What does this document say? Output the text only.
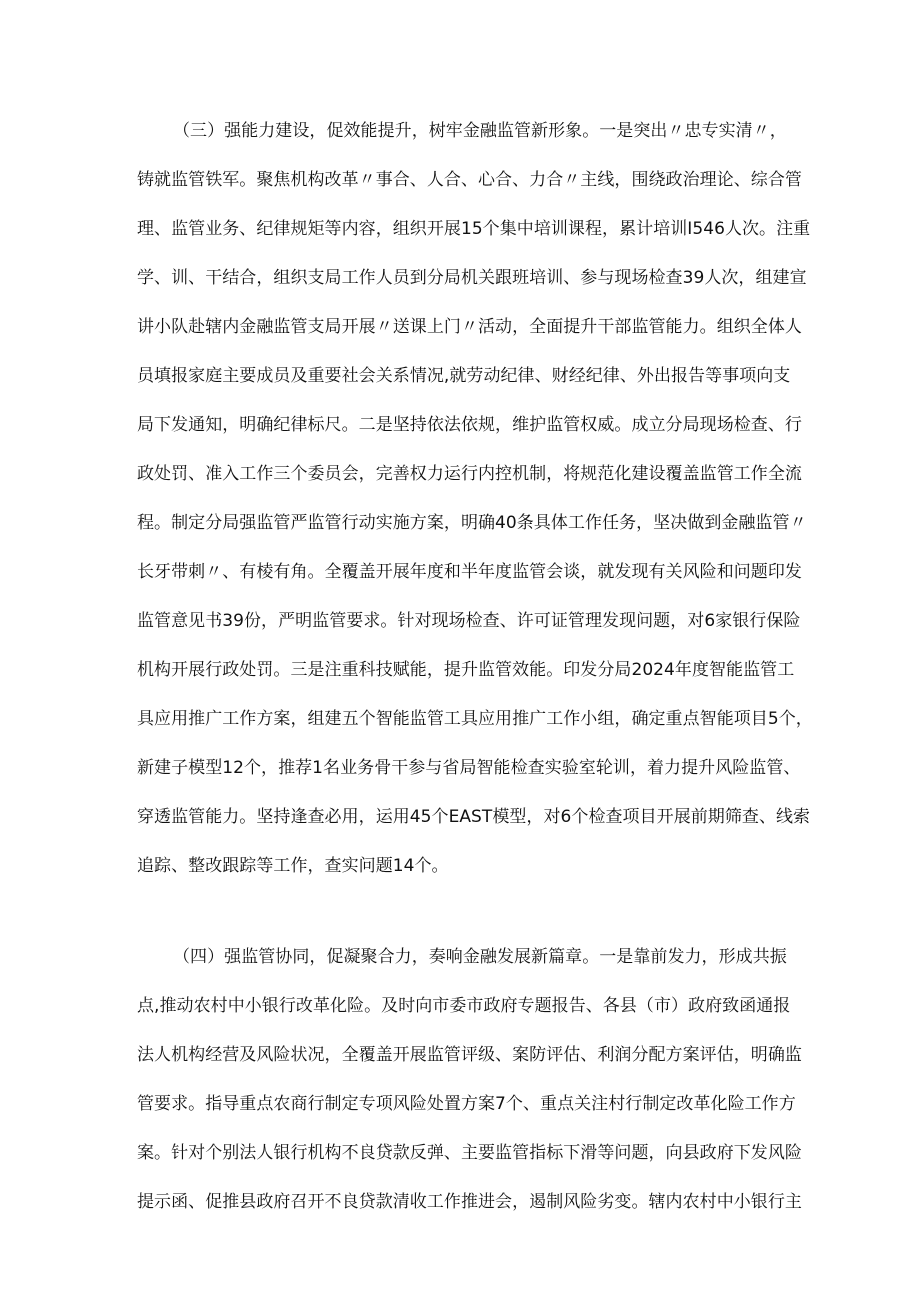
（三）强能力建设，促效能提升，树牢金融监管新形象。一是突出〃忠专实清〃，
铸就监管铁军。聚焦机构改革〃事合、人合、心合、力合〃主线，围绕政治理论、综合管
理、监管业务、纪律规矩等内容，组织开展15个集中培训课程，累计培训I546人次。注重
学、训、干结合，组织支局工作人员到分局机关跟班培训、参与现场检查39人次，组建宣
讲小队赴辖内金融监管支局开展〃送课上门〃活动，全面提升干部监管能力。组织全体人
员填报家庭主要成员及重要社会关系情况,就劳动纪律、财经纪律、外出报告等事项向支
局下发通知，明确纪律标尺。二是坚持依法依规，维护监管权威。成立分局现场检查、行
政处罚、准入工作三个委员会，完善权力运行内控机制，将规范化建设覆盖监管工作全流
程。制定分局强监管严监管行动实施方案，明确40条具体工作任务，坚决做到金融监管〃
长牙带刺〃、有棱有角。全覆盖开展年度和半年度监管会谈，就发现有关风险和问题印发
监管意见书39份，严明监管要求。针对现场检查、许可证管理发现问题，对6家银行保险
机构开展行政处罚。三是注重科技赋能，提升监管效能。印发分局2024年度智能监管工
具应用推广工作方案，组建五个智能监管工具应用推广工作小组，确定重点智能项目5个，
新建子模型12个，推荐1名业务骨干参与省局智能检查实验室轮训，着力提升风险监管、
穿透监管能力。坚持逢查必用，运用45个EAST模型，对6个检查项目开展前期筛查、线索
追踪、整改跟踪等工作，查实问题14个。
（四）强监管协同，促凝聚合力，奏响金融发展新篇章。一是靠前发力，形成共振
点,推动农村中小银行改革化险。及时向市委市政府专题报告、各县（市）政府致函通报
法人机构经营及风险状况，全覆盖开展监管评级、案防评估、利润分配方案评估，明确监
管要求。指导重点农商行制定专项风险处置方案7个、重点关注村行制定改革化险工作方
案。针对个别法人银行机构不良贷款反弹、主要监管指标下滑等问题，向县政府下发风险
提示函、促推县政府召开不良贷款清收工作推进会，遏制风险劣变。辖内农村中小银行主
